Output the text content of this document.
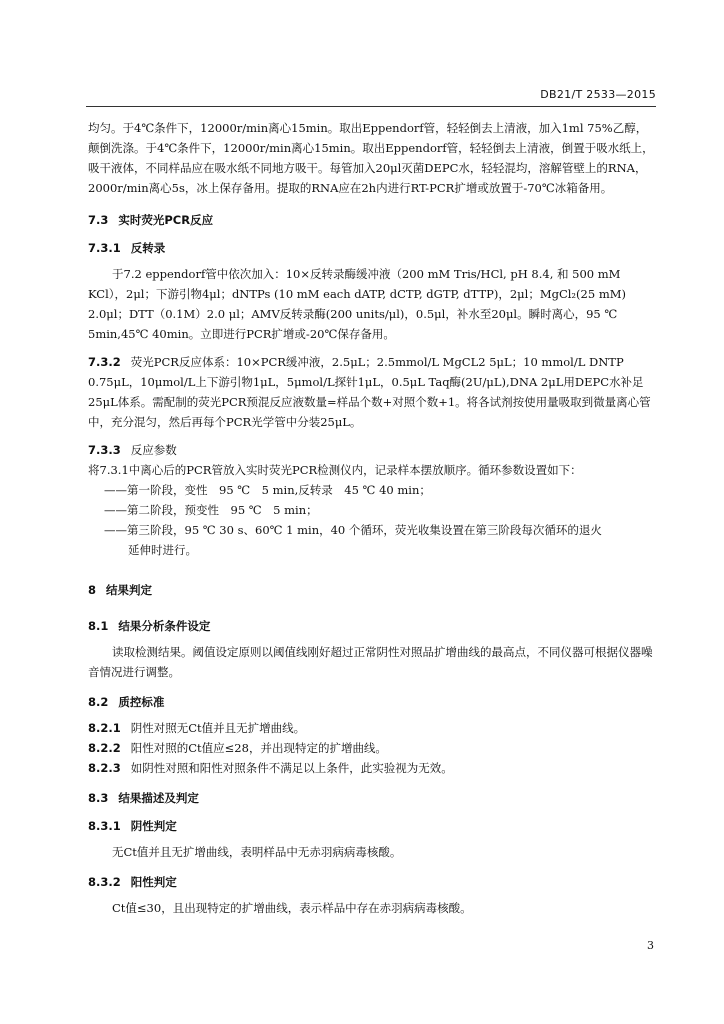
DB21/T 2533—2015

均匀。于4℃条件下，12000r/min离心15min。取出Eppendorf管，轻轻倒去上清液，加入1ml 75%乙醇，颠倒洗涤。于4℃条件下，12000r/min离心15min。取出Eppendorf管，轻轻倒去上清液，倒置于吸水纸上，吸干液体，不同样品应在吸水纸不同地方吸干。每管加入20μl灭菌DEPC水，轻轻混均，溶解管壁上的RNA，2000r/min离心5s，冰上保存备用。提取的RNA应在2h内进行RT-PCR扩增或放置于-70℃冰箱备用。

7.3 实时荧光PCR反应

7.3.1 反转录

于7.2 eppendorf管中依次加入：10×反转录酶缓冲液（200 mM Tris/HCl, pH 8.4, 和 500 mM KCl），2μl；下游引物4μl；dNTPs (10 mM each dATP, dCTP, dGTP, dTTP)，2μl；MgCl₂(25 mM) 2.0μl；DTT（0.1M）2.0 μl；AMV反转录酶(200 units/μl)，0.5μl，补水至20μl。瞬时离心，95 ℃ 5min,45℃ 40min。立即进行PCR扩增或-20℃保存备用。

7.3.2 荧光PCR反应体系：10×PCR缓冲液，2.5μL；2.5mmol/L MgCL2 5μL；10 mmol/L DNTP 0.75μL，10μmol/L上下游引物1μL，5μmol/L探针1μL，0.5μL Taq酶(2U/μL),DNA 2μL用DEPC水补足25μL体系。需配制的荧光PCR预混反应液数量=样品个数+对照个数+1。将各试剂按使用量吸取到微量离心管中，充分混匀，然后再每个PCR光学管中分装25μL。

7.3.3 反应参数

将7.3.1中离心后的PCR管放入实时荧光PCR检测仪内，记录样本摆放顺序。循环参数设置如下：

——第一阶段，变性　95 ℃　5 min,反转录　45 ℃ 40 min；

——第二阶段，预变性　95 ℃　5 min；

——第三阶段，95 ℃ 30 s、60℃ 1 min，40 个循环，荧光收集设置在第三阶段每次循环的退火

延伸时进行。

8 结果判定

8.1 结果分析条件设定

读取检测结果。阈值设定原则以阈值线刚好超过正常阴性对照品扩增曲线的最高点，不同仪器可根据仪器噪音情况进行调整。

8.2 质控标准

8.2.1 阴性对照无Ct值并且无扩增曲线。

8.2.2 阳性对照的Ct值应≤28，并出现特定的扩增曲线。

8.2.3 如阴性对照和阳性对照条件不满足以上条件，此实验视为无效。

8.3 结果描述及判定

8.3.1 阴性判定

无Ct值并且无扩增曲线，表明样品中无赤羽病病毒核酸。

8.3.2 阳性判定

Ct值≤30，且出现特定的扩增曲线，表示样品中存在赤羽病病毒核酸。

3
